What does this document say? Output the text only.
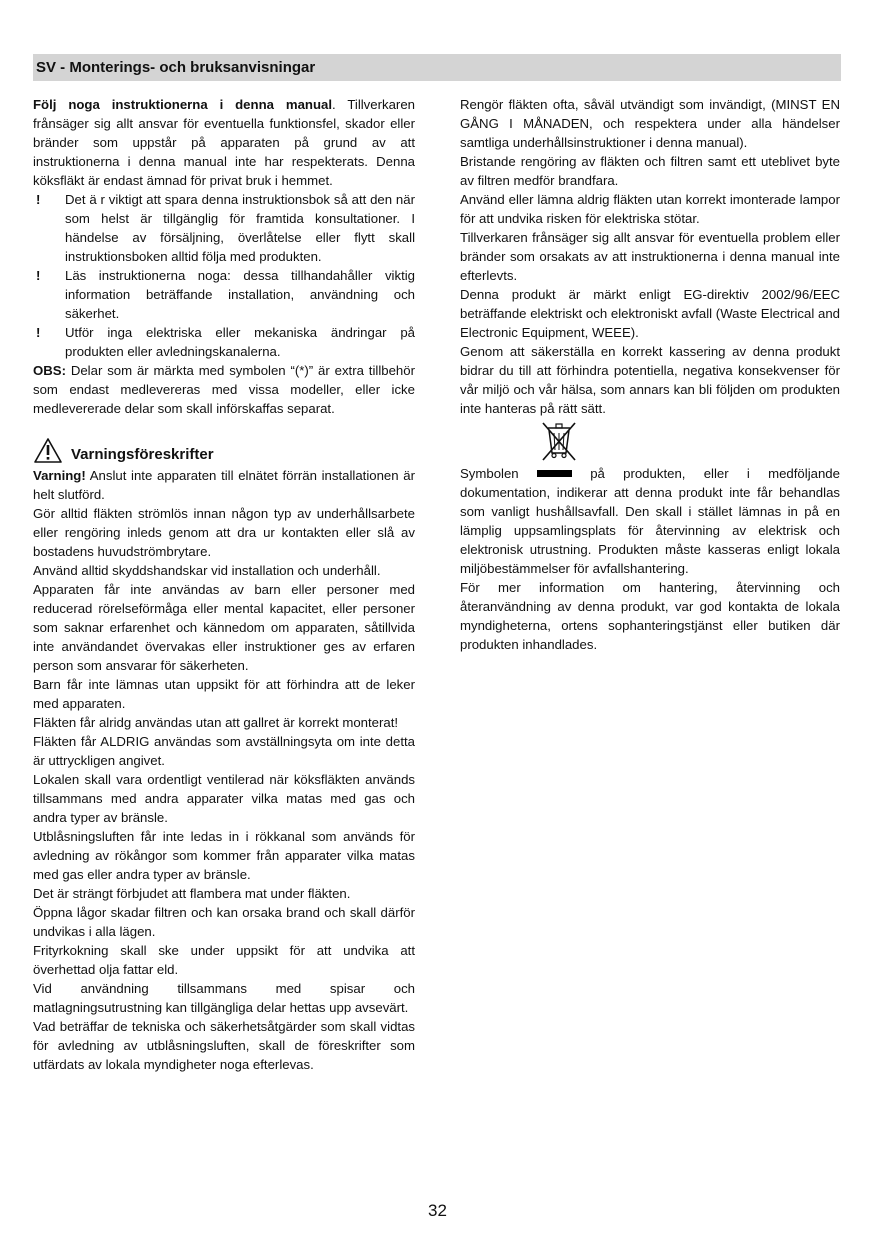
SV - Monterings- och bruksanvisningar
Följ noga instruktionerna i denna manual. Tillverkaren frånsäger sig allt ansvar för eventuella funktionsfel, skador eller bränder som uppstår på apparaten på grund av att instruktionerna i denna manual inte har respekterats. Denna köksfläkt är endast ämnad för privat bruk i hemmet.
! Det ä r viktigt att spara denna instruktionsbok så att den när som helst är tillgänglig för framtida konsultationer. I händelse av försäljning, överlåtelse eller flytt skall instruktionsboken alltid följa med produkten.
! Läs instruktionerna noga: dessa tillhandahåller viktig information beträffande installation, användning och säkerhet.
! Utför inga elektriska eller mekaniska ändringar på produkten eller avledningskanalerna.
OBS: Delar som är märkta med symbolen “(*)” är extra tillbehör som endast medlevereras med vissa modeller, eller icke medlevererade delar som skall införskaffas separat.
Varningsföreskrifter
Varning! Anslut inte apparaten till elnätet förrän installationen är helt slutförd.
Gör alltid fläkten strömlös innan någon typ av underhållsarbete eller rengöring inleds genom att dra ur kontakten eller slå av bostadens huvudströmbrytare.
Använd alltid skyddshandskar vid installation och underhåll.
Apparaten får inte användas av barn eller personer med reducerad rörelseförmåga eller mental kapacitet, eller personer som saknar erfarenhet och kännedom om apparaten, såtillvida inte användandet övervakas eller instruktioner ges av erfaren person som ansvarar för säkerheten.
Barn får inte lämnas utan uppsikt för att förhindra att de leker med apparaten.
Fläkten får alridg användas utan att gallret är korrekt monterat!
Fläkten får ALDRIG användas som avställningsyta om inte detta är uttryckligen angivet.
Lokalen skall vara ordentligt ventilerad när köksfläkten används tillsammans med andra apparater vilka matas med gas och andra typer av bränsle.
Utblåsningsluften får inte ledas in i rökkanal som används för avledning av rökångor som kommer från apparater vilka matas med gas eller andra typer av bränsle.
Det är strängt förbjudet att flambera mat under fläkten.
Öppna lågor skadar filtren och kan orsaka brand och skall därför undvikas i alla lägen.
Frityrkokning skall ske under uppsikt för att undvika att överhettad olja fattar eld.
Vid användning tillsammans med spisar och matlagningsutrustning kan tillgängliga delar hettas upp avsevärt.
Vad beträffar de tekniska och säkerhetsåtgärder som skall vidtas för avledning av utblåsningsluften, skall de föreskrifter som utfärdats av lokala myndigheter noga efterlevas.
Rengör fläkten ofta, såväl utvändigt som invändigt, (MINST EN GÅNG I MÅNADEN, och respektera under alla händelser samtliga underhållsinstruktioner i denna manual).
Bristande rengöring av fläkten och filtren samt ett uteblivet byte av filtren medför brandfara.
Använd eller lämna aldrig fläkten utan korrekt imonterade lampor för att undvika risken för elektriska stötar.
Tillverkaren frånsäger sig allt ansvar för eventuella problem eller bränder som orsakats av att instruktionerna i denna manual inte efterlevts.
Denna produkt är märkt enligt EG-direktiv 2002/96/EEC beträffande elektriskt och elektroniskt avfall (Waste Electrical and Electronic Equipment, WEEE).
Genom att säkerställa en korrekt kassering av denna produkt bidrar du till att förhindra potentiella, negativa konsekvenser för vår miljö och vår hälsa, som annars kan bli följden om produkten inte hanteras på rätt sätt.
Symbolen	på produkten, eller i medföljande
dokumentation, indikerar att denna produkt inte får behandlas som vanligt hushållsavfall. Den skall i stället lämnas in på en lämplig uppsamlingsplats för återvinning av elektrisk och elektronisk utrustning. Produkten måste kasseras enligt lokala miljöbestämmelser för avfallshantering.
För mer information om hantering, återvinning och återanvändning av denna produkt, var god kontakta de lokala myndigheterna, ortens sophanteringstjänst eller butiken där produkten inhandlades.
32
